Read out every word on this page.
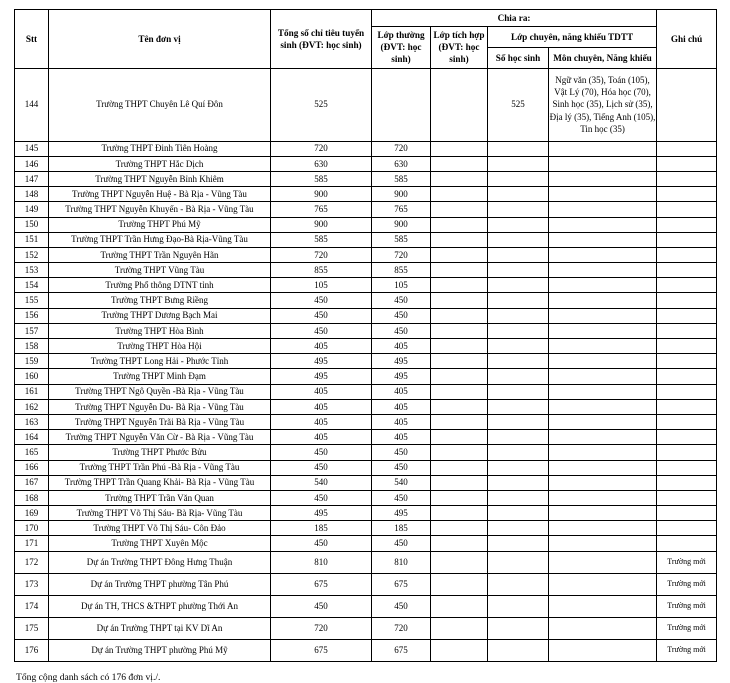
Stt	Tên đơn vị	Tổng số chỉ tiêu tuyển sinh (ĐVT: học sinh)	Chia ra:				Ghi chú
			Lớp thường (ĐVT: học sinh)	Lớp tích hợp (ĐVT: học sinh)	Lớp chuyên, năng khiếu TDTT		
					Số học sinh	Môn chuyên, Năng khiếu	
144	Trường THPT Chuyên Lê Quí Đôn	525			525	Ngữ văn (35), Toán (105), Vật Lý (70), Hóa học (70), Sinh học (35), Lịch sử (35), Địa lý (35), Tiếng Anh (105), Tin học (35)	
145	Trường THPT Đinh Tiên Hoàng	720	720				
146	Trường THPT Hắc Dịch	630	630				
147	Trường THPT Nguyễn Bỉnh Khiêm	585	585				
148	Trường THPT Nguyễn Huệ - Bà Rịa - Vũng Tàu	900	900				
149	Trường THPT Nguyễn Khuyến - Bà Rịa - Vũng Tàu	765	765				
150	Trường THPT Phú Mỹ	900	900				
151	Trường THPT Trần Hưng Đạo-Bà Rịa-Vũng Tàu	585	585				
152	Trường THPT Trần Nguyên Hãn	720	720				
153	Trường THPT Vũng Tàu	855	855				
154	Trường Phổ thông DTNT tỉnh	105	105				
155	Trường THPT Bưng Riềng	450	450				
156	Trường THPT Dương Bạch Mai	450	450				
157	Trường THPT Hòa Bình	450	450				
158	Trường THPT Hòa Hội	405	405				
159	Trường THPT Long Hải - Phước Tỉnh	495	495				
160	Trường THPT Minh Đạm	495	495				
161	Trường THPT Ngô Quyền -Bà Rịa - Vũng Tàu	405	405				
162	Trường THPT Nguyễn Du- Bà Rịa - Vũng Tàu	405	405				
163	Trường THPT Nguyễn Trãi Bà Rịa - Vũng Tàu	405	405				
164	Trường THPT Nguyễn Văn Cừ - Bà Rịa - Vũng Tàu	405	405				
165	Trường THPT Phước Bửu	450	450				
166	Trường THPT Trần Phú -Bà Rịa - Vũng Tàu	450	450				
167	Trường THPT Trần Quang Khải- Bà Rịa - Vũng Tàu	540	540				
168	Trường THPT Trần Văn Quan	450	450				
169	Trường THPT Võ Thị Sáu- Bà Rịa- Vũng Tàu	495	495				
170	Trường THPT Võ Thị Sáu- Côn Đảo	185	185				
171	Trường THPT Xuyên Mộc	450	450				
172	Dự án Trường THPT Đông Hưng Thuận	810	810				Trường mới
173	Dự án Trường THPT phường Tân Phú	675	675				Trường mới
174	Dự án TH, THCS &THPT phường Thới An	450	450				Trường mới
175	Dự án Trường THPT tại KV Dĩ An	720	720				Trường mới
176	Dự án Trường THPT phường Phú Mỹ	675	675				Trường mới
Tổng cộng danh sách có 176 đơn vị./.
